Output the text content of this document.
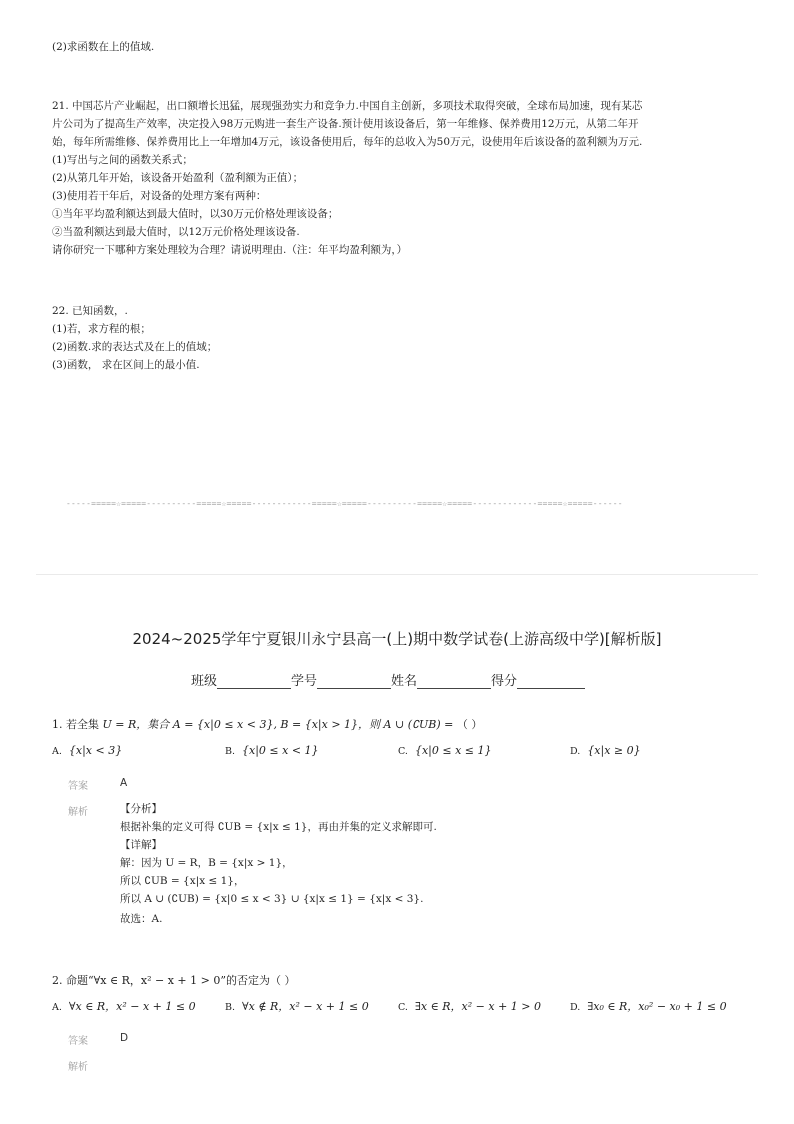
(2)求函数在上的值域.
21. 中国芯片产业崛起，出口额增长迅猛，展现强劲实力和竞争力.中国自主创新，多项技术取得突破，全球布局加速，现有某芯
片公司为了提高生产效率，决定投入98万元购进一套生产设备.预计使用该设备后，第一年维修、保养费用12万元，从第二年开
始，每年所需维修、保养费用比上一年增加4万元，该设备使用后，每年的总收入为50万元，设使用年后该设备的盈利额为万元.
(1)写出与之间的函数关系式；
(2)从第几年开始，该设备开始盈利（盈利额为正值）；
(3)使用若干年后，对设备的处理方案有两种：
①当年平均盈利额达到最大值时，以30万元价格处理该设备；
②当盈利额达到最大值时，以12万元价格处理该设备.
请你研究一下哪种方案处理较为合理？请说明理由.（注：年平均盈利额为，）
22. 已知函数，.
(1)若，求方程的根；
(2)函数.求的表达式及在上的值域；
(3)函数， 求在区间上的最小值.
-----=====☆=====----------=====☆=====------------=====☆=====----------=====☆=====-------------=====☆=====------
2024~2025学年宁夏银川永宁县高一(上)期中数学试卷(上游高级中学)[解析版]
班级	学号	姓名	得分
1. 若全集 U = R，集合 A = {x|0 ≤ x < 3}, B = {x|x > 1}，则 A ∪ (∁UB) = （ ）
A. {x|x < 3}	B. {x|0 ≤ x < 1}	C. {x|0 ≤ x ≤ 1}	D. {x|x ≥ 0}
答案	A
解析	【分析】
根据补集的定义可得 ∁UB = {x|x ≤ 1}，再由并集的定义求解即可.
【详解】
解：因为 U = R，B = {x|x > 1}，
所以 ∁UB = {x|x ≤ 1}，
所以 A ∪ (∁UB) = {x|0 ≤ x < 3} ∪ {x|x ≤ 1} = {x|x < 3}.
故选：A.
2. 命题“∀x ∈ R，x² − x + 1 > 0”的否定为（ ）
A. ∀x ∈ R，x² − x + 1 ≤ 0	B. ∀x ∉ R，x² − x + 1 ≤ 0	C. ∃x ∈ R，x² − x + 1 > 0	D. ∃x₀ ∈ R，x₀² − x₀ + 1 ≤ 0
答案	D
解析
